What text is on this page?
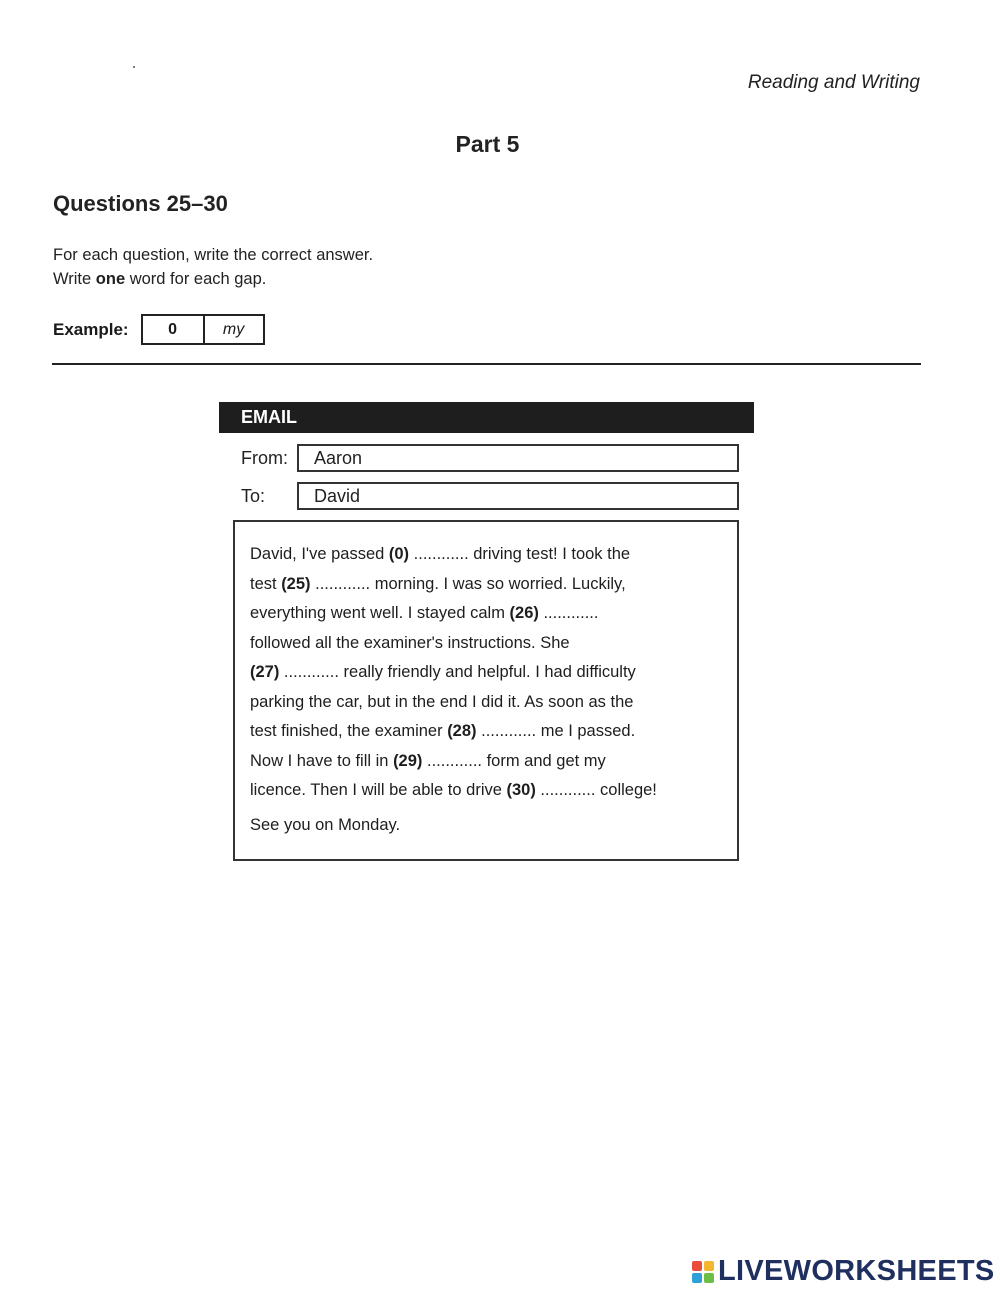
Reading and Writing
Part 5
Questions 25–30
For each question, write the correct answer.
Write one word for each gap.
Example:	0	my
EMAIL
From:	Aaron
To:	David
David, I've passed (0) ............ driving test! I took the
test (25) ............ morning. I was so worried. Luckily,
everything went well. I stayed calm (26) ............
followed all the examiner's instructions. She
(27) ............ really friendly and helpful. I had difficulty
parking the car, but in the end I did it. As soon as the
test finished, the examiner (28) ............ me I passed.
Now I have to fill in (29) ............ form and get my
licence. Then I will be able to drive (30) ............ college!
See you on Monday.
LIVEWORKSHEETS
